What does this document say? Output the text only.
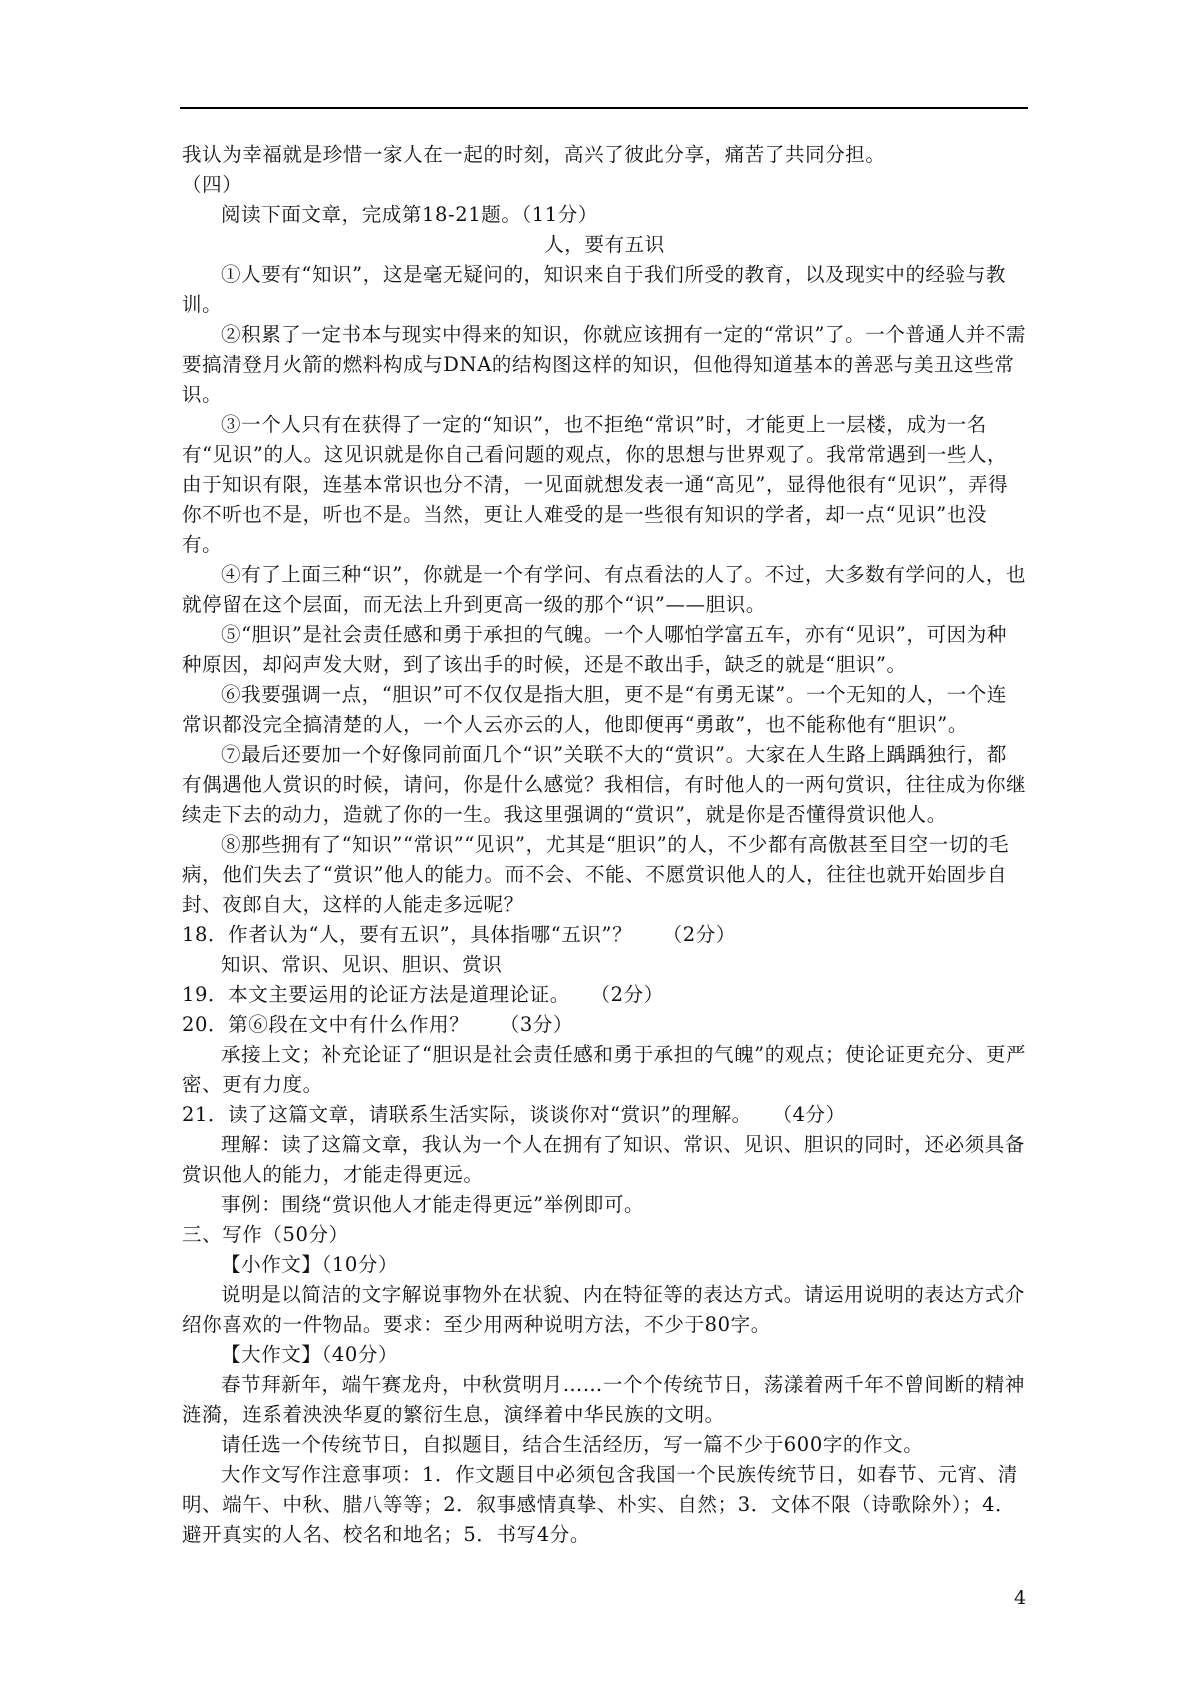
我认为幸福就是珍惜一家人在一起的时刻，高兴了彼此分享，痛苦了共同分担。

（四）

阅读下面文章，完成第18-21题。（11分）

人，要有五识

①人要有“知识”，这是毫无疑问的，知识来自于我们所受的教育，以及现实中的经验与教训。

②积累了一定书本与现实中得来的知识，你就应该拥有一定的“常识”了。一个普通人并不需要搞清登月火箭的燃料构成与DNA的结构图这样的知识，但他得知道基本的善恶与美丑这些常识。

③一个人只有在获得了一定的“知识”，也不拒绝“常识”时，才能更上一层楼，成为一名有“见识”的人。这见识就是你自己看问题的观点，你的思想与世界观了。我常常遇到一些人，由于知识有限，连基本常识也分不清，一见面就想发表一通“高见”，显得他很有“见识”，弄得你不听也不是，听也不是。当然，更让人难受的是一些很有知识的学者，却一点“见识”也没有。

④有了上面三种“识”，你就是一个有学问、有点看法的人了。不过，大多数有学问的人，也就停留在这个层面，而无法上升到更高一级的那个“识”——胆识。

⑤“胆识”是社会责任感和勇于承担的气魄。一个人哪怕学富五车，亦有“见识”，可因为种种原因，却闷声发大财，到了该出手的时候，还是不敢出手，缺乏的就是“胆识”。

⑥我要强调一点，“胆识”可不仅仅是指大胆，更不是“有勇无谋”。一个无知的人，一个连常识都没完全搞清楚的人，一个人云亦云的人，他即便再“勇敢”，也不能称他有“胆识”。

⑦最后还要加一个好像同前面几个“识”关联不大的“赏识”。大家在人生路上踽踽独行，都有偶遇他人赏识的时候，请问，你是什么感觉？我相信，有时他人的一两句赏识，往往成为你继续走下去的动力，造就了你的一生。我这里强调的“赏识”，就是你是否懂得赏识他人。

⑧那些拥有了“知识”“常识”“见识”，尤其是“胆识”的人，不少都有高傲甚至目空一切的毛病，他们失去了“赏识”他人的能力。而不会、不能、不愿赏识他人的人，往往也就开始固步自封、夜郎自大，这样的人能走多远呢？

18．作者认为“人，要有五识”，具体指哪“五识”？　　（2分）

知识、常识、见识、胆识、赏识

19．本文主要运用的论证方法是道理论证。　　（2分）

20．第⑥段在文中有什么作用？　　（3分）

承接上文；补充论证了“胆识是社会责任感和勇于承担的气魄”的观点；使论证更充分、更严密、更有力度。

21．读了这篇文章，请联系生活实际，谈谈你对“赏识”的理解。　　（4分）

理解：读了这篇文章，我认为一个人在拥有了知识、常识、见识、胆识的同时，还必须具备赏识他人的能力，才能走得更远。

事例：围绕“赏识他人才能走得更远”举例即可。

三、写作（50分）

【小作文】（10分）

说明是以简洁的文字解说事物外在状貌、内在特征等的表达方式。请运用说明的表达方式介绍你喜欢的一件物品。要求：至少用两种说明方法，不少于80字。

【大作文】（40分）

春节拜新年，端午赛龙舟，中秋赏明月……一个个传统节日，荡漾着两千年不曾间断的精神涟漪，连系着泱泱华夏的繁衍生息，演绎着中华民族的文明。

请任选一个传统节日，自拟题目，结合生活经历，写一篇不少于600字的作文。

大作文写作注意事项：1．作文题目中必须包含我国一个民族传统节日，如春节、元宵、清明、端午、中秋、腊八等等；2．叙事感情真挚、朴实、自然；3．文体不限（诗歌除外）；4．避开真实的人名、校名和地名；5．书写4分。

4
